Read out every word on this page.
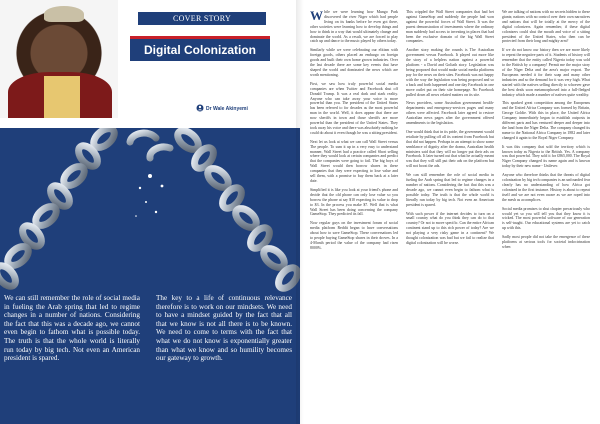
COVER STORY
Digital Colonization
Dr Wale Akinyemi
We can still remember the role of social media in fueling the Arab spring that led to regime changes in a number of nations. Considering the fact that this was a decade ago, we cannot even begin to fathom what is possible today. The truth is that the whole world is literally run today by big tech. Not even an American president is spared.
The key to a life of continuous relevance therefore is to work on our mindsets. We need to have a mindset guided by the fact that all that we know is not all there is to be known. We need to come to terms with the fact that what we do not know is exponentially greater than what we know and so humility becomes our gateway to growth.

While we were learning how Mungo Park discovered the river Niger which had people living on its banks before he even got there, other societies were learning how to develop things and how to think in a way that would ultimately change and dominate the world. As a result, we are forced to play catch up and dance to the music played by others today.

Similarly while we were celebrating our elitism with foreign goods, others placed an embargo on foreign goods and built their own home grown industries. Over the last decade there are some key events that have shaped the world and dominated the news which are worth mentioning.

First, we saw how truly powerful social media companies are when Twitter and Facebook shut off Donald Trump. It was a real dark and stark reality. Anyone who can take away your voice is more powerful than you. The president of the United States has been referred to for decades as the most powerful man in the world. Well, it does appear that there are now sheriffs in town and those sheriffs are more powerful than the president of the United States. They took away his voice and there was absolutely nothing he could do about it even though he was a sitting president.

Next let us look at what we can call Wall Street versus The people. To sum it up in a very easy to understand manner, Wall Street had a practice called Short selling where they would look at certain companies and predict that the companies were going to fail. The big boys of Wall Street would then borrow shares in these companies that they were expecting to lose value and sell them, with a promise to buy them back at a later date.

Simplified it is like you look at your friend's phone and decide that the old phone can only lose value so you borrow the phone at say $10 expecting its value to drop to $3. In the process you make $7. Well that is what Wall Street has been doing concerning the company GameStop. They predicted its fall.

Now regular guys on the investment forum of social media platform Reddit began to have conversations about how to save GameStop. These conversations led to people buying GameStop shares in their droves. In a 4-Month period the value of the company had risen 8000%.

This crippled the Wall Street companies that had bet against GameStop and suddenly the people had won against the powerful forces of Wall Street. It was the purest demonstration of investments where the ordinary man suddenly had access to investing in places that had been the exclusive domain of the big Wall Street companies.

Another story making the rounds is The Australian government versus Facebook. It played out more like the story of a helpless nation against a powerful platform - a David and Goliath story. Legislation was being proposed that would make social media platforms pay for the news on their sites. Facebook was not happy with the way the legislation was being proposed and so a back and forth happened and one day Facebook in one move outlet put on their site homepage. No Facebook pulled down all news related matters on its site.

News providers, some Australian government health-departments and emergency-services pages and many others were affected. Facebook later agreed to restore Australian news pages after the government offered amendments to the legislation.

One would think that in its pride, the government would retaliate by pulling off all its content from Facebook but that did not happen. Perhaps in an attempt to show some semblance of dignity after the drama, Australian health ministers said that they will no longer put their ads on Facebook. It later turned out that what he actually meant was that they will still put their ads on the platform but will not boost the ads.

We can still remember the role of social media in fueling the Arab spring that led to regime changes in a number of nations. Considering the fact that this was a decade ago, we cannot even begin to fathom what is possible today. The truth is that the whole world is literally run today by big tech. Not even an American president is spared.

With such power if the internet decides to turn on a small country what do you think they can do to that country? Or not to move specific. Can the entire African continent stand up to this rich power of today? Are we not playing a very risky game in a continent? We thought colonization was bad but we fail to realize that digital colonization will be worse.

We are talking of nations with no secrets hidden to these giants; nations with no control over their own narratives and nations that will be totally at the mercy of the digital colonizers. Again remember, if these digital colonizers could shut the mouth and voice of a sitting president of the United States, who then can be protected from their long and mighty arm?

If we do not know our history then we are more likely to repeat the negative parts of it. Students of history will remember that the entity called Nigeria today was sold to the British by a company! Permit me the major story of the Niger Delta and the area's major export. The Europeans needed it for their soap and many other industries and so the demand for it was very high. What started with the natives selling directly to whoever gave the best deals soon metamorphosed into a full-fledged industry which made a number of natives quite wealthy.

This sparked great competition among the Europeans and the United Africa Company was formed by Britain, George Goldie. With this in place, the United Africa Company immediately began to establish outposts in different parts and has ventured deeper and deeper into the land from the Niger Delta. The company changed its name to the National Africa Company in 1882 and later changed it again to the Royal Niger Company.

It was this company that sold the territory which is known today as Nigeria to the British. Yes. A company was that powerful. They sold it for £865,000. The Royal Niger Company changed its name again and is known today by their new name - Unilever.

Anyone who therefore thinks that the threats of digital colonization by big tech companies is an unfounded fear clearly has no understanding of how Africa got colonized in the first instance. History is about to repeat itself and we are not even aware as we are roped into the mesh as accomplices.

Social media promises to shut chapter precariously who would yet so you will tell you that they know it is wicked. The most powerful software of our generation is self-taught. Our educational systems are yet to catch up with this.

Sadly most people did not take the emergence of these platforms at serious tools for societal indoctrination when
